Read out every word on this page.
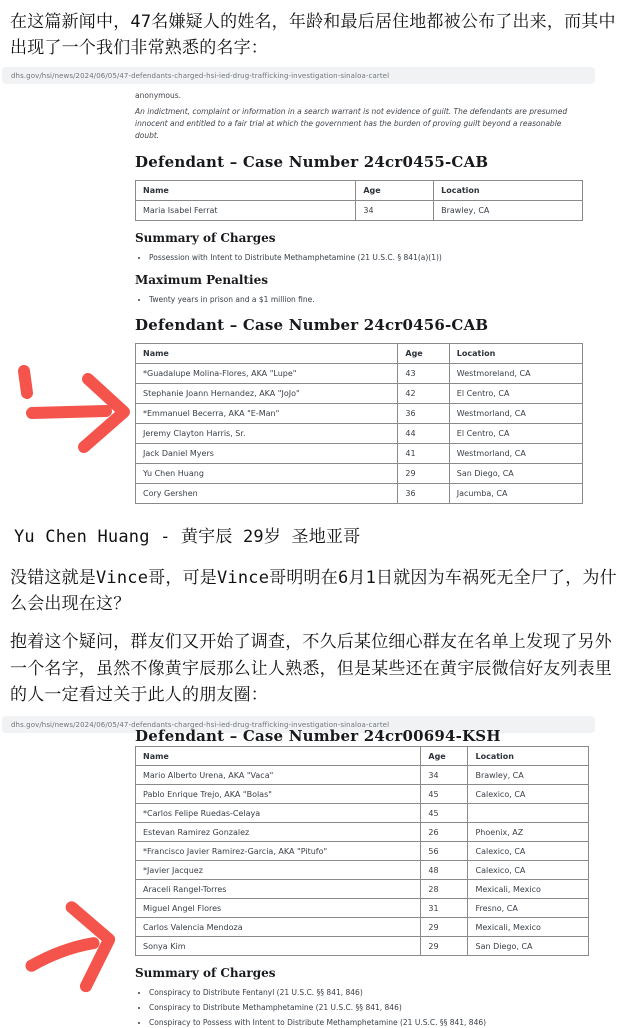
在这篇新闻中，47名嫌疑人的姓名，年龄和最后居住地都被公布了出来，而其中出现了一个我们非常熟悉的名字：
dhs.gov/hsi/news/2024/06/05/47-defendants-charged-hsi-ied-drug-trafficking-investigation-sinaloa-cartel
anonymous.
An indictment, complaint or information in a search warrant is not evidence of guilt. The defendants are presumed innocent and entitled to a fair trial at which the government has the burden of proving guilt beyond a reasonable doubt.
Defendant – Case Number 24cr0455-CAB
Name	Age	Location
Maria Isabel Ferrat	34	Brawley, CA
Summary of Charges
• Possession with Intent to Distribute Methamphetamine (21 U.S.C. § 841(a)(1))
Maximum Penalties
• Twenty years in prison and a $1 million fine.
Defendant – Case Number 24cr0456-CAB
Name	Age	Location
*Guadalupe Molina-Flores, AKA "Lupe"	43	Westmoreland, CA
Stephanie Joann Hernandez, AKA "JoJo"	42	El Centro, CA
*Emmanuel Becerra, AKA "E-Man"	36	Westmorland, CA
Jeremy Clayton Harris, Sr.	44	El Centro, CA
Jack Daniel Myers	41	Westmorland, CA
Yu Chen Huang	29	San Diego, CA
Cory Gershen	36	Jacumba, CA
Yu Chen Huang - 黄宇辰 29岁 圣地亚哥
没错这就是Vince哥，可是Vince哥明明在6月1日就因为车祸死无全尸了，为什么会出现在这？
抱着这个疑问，群友们又开始了调查，不久后某位细心群友在名单上发现了另外一个名字，虽然不像黄宇辰那么让人熟悉，但是某些还在黄宇辰微信好友列表里的人一定看过关于此人的朋友圈：
dhs.gov/hsi/news/2024/06/05/47-defendants-charged-hsi-ied-drug-trafficking-investigation-sinaloa-cartel
Defendant – Case Number 24cr00694-KSH
Name	Age	Location
Mario Alberto Urena, AKA "Vaca"	34	Brawley, CA
Pablo Enrique Trejo, AKA "Bolas"	45	Calexico, CA
*Carlos Felipe Ruedas-Celaya	45	
Estevan Ramirez Gonzalez	26	Phoenix, AZ
*Francisco Javier Ramirez-Garcia, AKA "Pitufo"	56	Calexico, CA
*Javier Jacquez	48	Calexico, CA
Araceli Rangel-Torres	28	Mexicali, Mexico
Miguel Angel Flores	31	Fresno, CA
Carlos Valencia Mendoza	29	Mexicali, Mexico
Sonya Kim	29	San Diego, CA
Summary of Charges
• Conspiracy to Distribute Fentanyl (21 U.S.C. §§ 841, 846)
• Conspiracy to Distribute Methamphetamine (21 U.S.C. §§ 841, 846)
• Conspiracy to Possess with Intent to Distribute Methamphetamine (21 U.S.C. §§ 841, 846)
